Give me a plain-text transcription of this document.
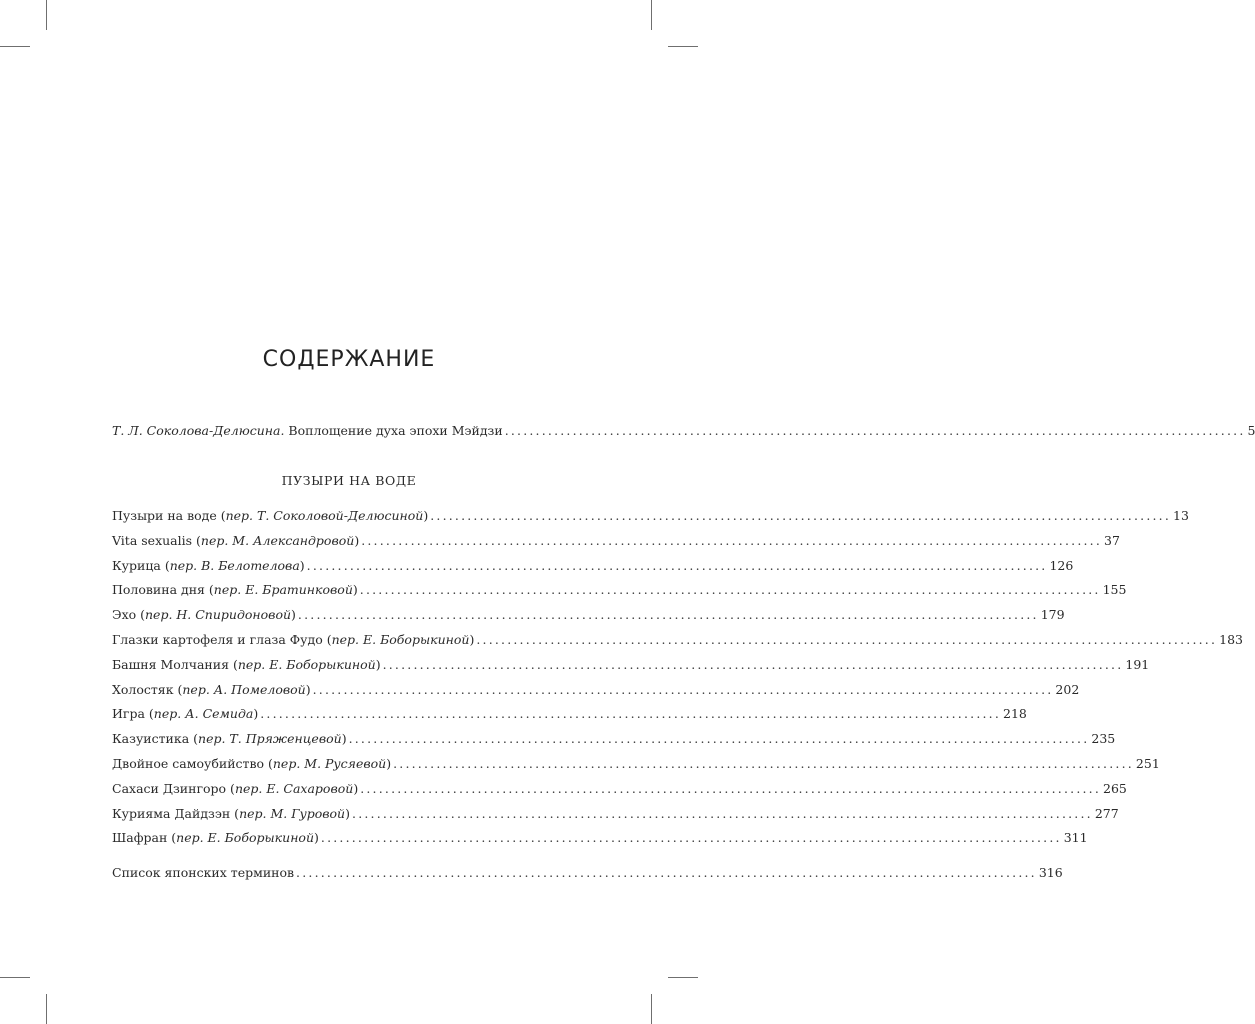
СОДЕРЖАНИЕ
Т. Л. Соколова-Делюсина. Воплощение духа эпохи Мэйдзи ........................................................................................................................ 5
ПУЗЫРИ НА ВОДЕ
Пузыри на воде (пер. Т. Соколовой-Делюсиной) ........................................................................................................................ 13
Vita sexualis (пер. М. Александровой) ........................................................................................................................ 37
Курица (пер. В. Белотелова) ........................................................................................................................ 126
Половина дня (пер. Е. Братинковой) ........................................................................................................................ 155
Эхо (пер. Н. Спиридоновой) ........................................................................................................................ 179
Глазки картофеля и глаза Фудо (пер. Е. Боборыкиной) ........................................................................................................................ 183
Башня Молчания (пер. Е. Боборыкиной) ........................................................................................................................ 191
Холостяк (пер. А. Помеловой) ........................................................................................................................ 202
Игра (пер. А. Семида) ........................................................................................................................ 218
Казуистика (пер. Т. Пряженцевой) ........................................................................................................................ 235
Двойное самоубийство (пер. М. Русяевой) ........................................................................................................................ 251
Сахаси Дзингоро (пер. Е. Сахаровой) ........................................................................................................................ 265
Курияма Дайдзэн (пер. М. Гуровой) ........................................................................................................................ 277
Шафран (пер. Е. Боборыкиной) ........................................................................................................................ 311
Список японских терминов ........................................................................................................................ 316
